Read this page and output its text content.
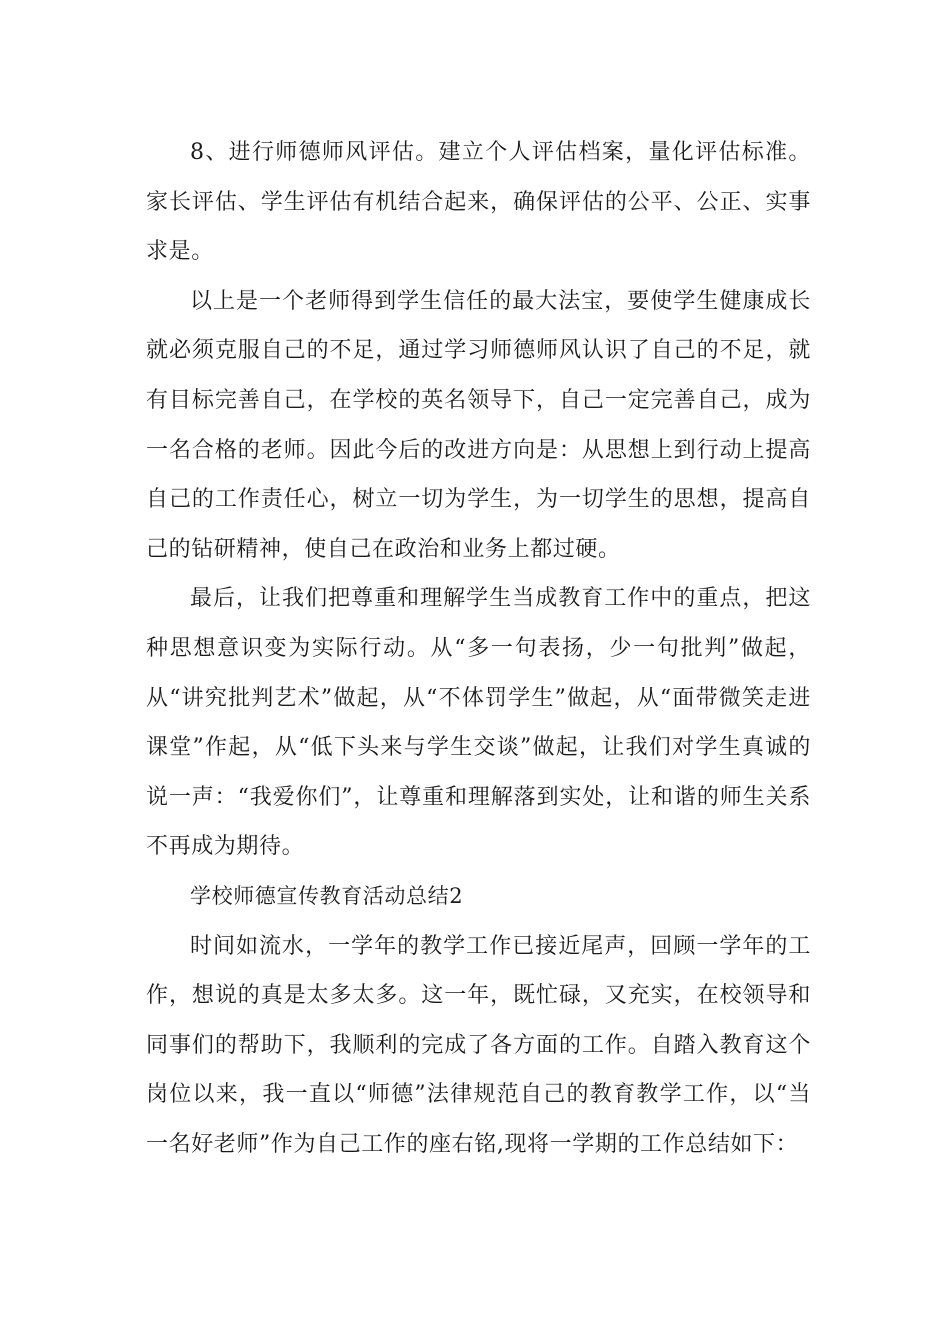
8、进行师德师风评估。建立个人评估档案，量化评估标准。家长评估、学生评估有机结合起来，确保评估的公平、公正、实事求是。

以上是一个老师得到学生信任的最大法宝，要使学生健康成长就必须克服自己的不足，通过学习师德师风认识了自己的不足，就有目标完善自己，在学校的英名领导下，自己一定完善自己，成为一名合格的老师。因此今后的改进方向是：从思想上到行动上提高自己的工作责任心，树立一切为学生，为一切学生的思想，提高自己的钻研精神，使自己在政治和业务上都过硬。

最后，让我们把尊重和理解学生当成教育工作中的重点，把这种思想意识变为实际行动。从“多一句表扬，少一句批判”做起，从“讲究批判艺术”做起，从“不体罚学生”做起，从“面带微笑走进课堂”作起，从“低下头来与学生交谈”做起，让我们对学生真诚的说一声：“我爱你们”，让尊重和理解落到实处，让和谐的师生关系不再成为期待。

学校师德宣传教育活动总结2

时间如流水，一学年的教学工作已接近尾声，回顾一学年的工作，想说的真是太多太多。这一年，既忙碌，又充实，在校领导和同事们的帮助下，我顺利的完成了各方面的工作。自踏入教育这个岗位以来，我一直以“师德”法律规范自己的教育教学工作，以“当一名好老师”作为自己工作的座右铭,现将一学期的工作总结如下：
